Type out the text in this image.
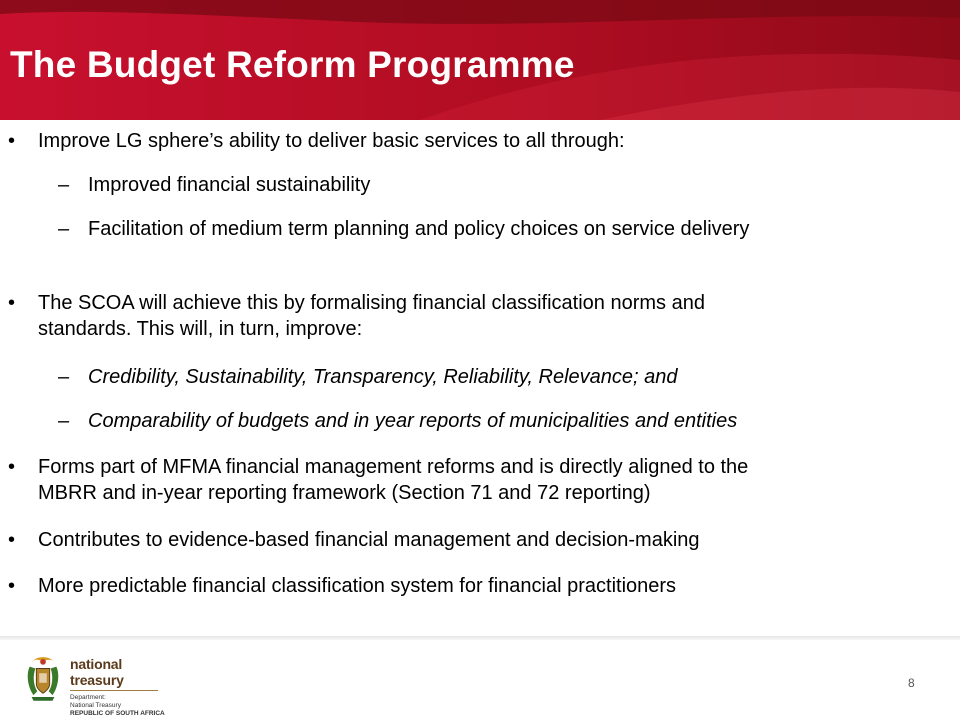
The Budget Reform Programme
•	Improve LG sphere’s ability to deliver basic services to all through:
– Improved financial sustainability
– Facilitation of medium term planning and policy choices on service delivery
•	The SCOA will achieve this by formalising financial classification norms and
standards. This will, in turn, improve:
– Credibility, Sustainability, Transparency, Reliability, Relevance; and
– Comparability of budgets and in year reports of municipalities and entities
•	Forms part of MFMA financial management reforms and is directly aligned to the
MBRR and in-year reporting framework (Section 71 and 72 reporting)
•	Contributes to evidence-based financial management and decision-making
•	More predictable financial classification system for financial practitioners
national treasury
Department:
National Treasury
REPUBLIC OF SOUTH AFRICA
8
